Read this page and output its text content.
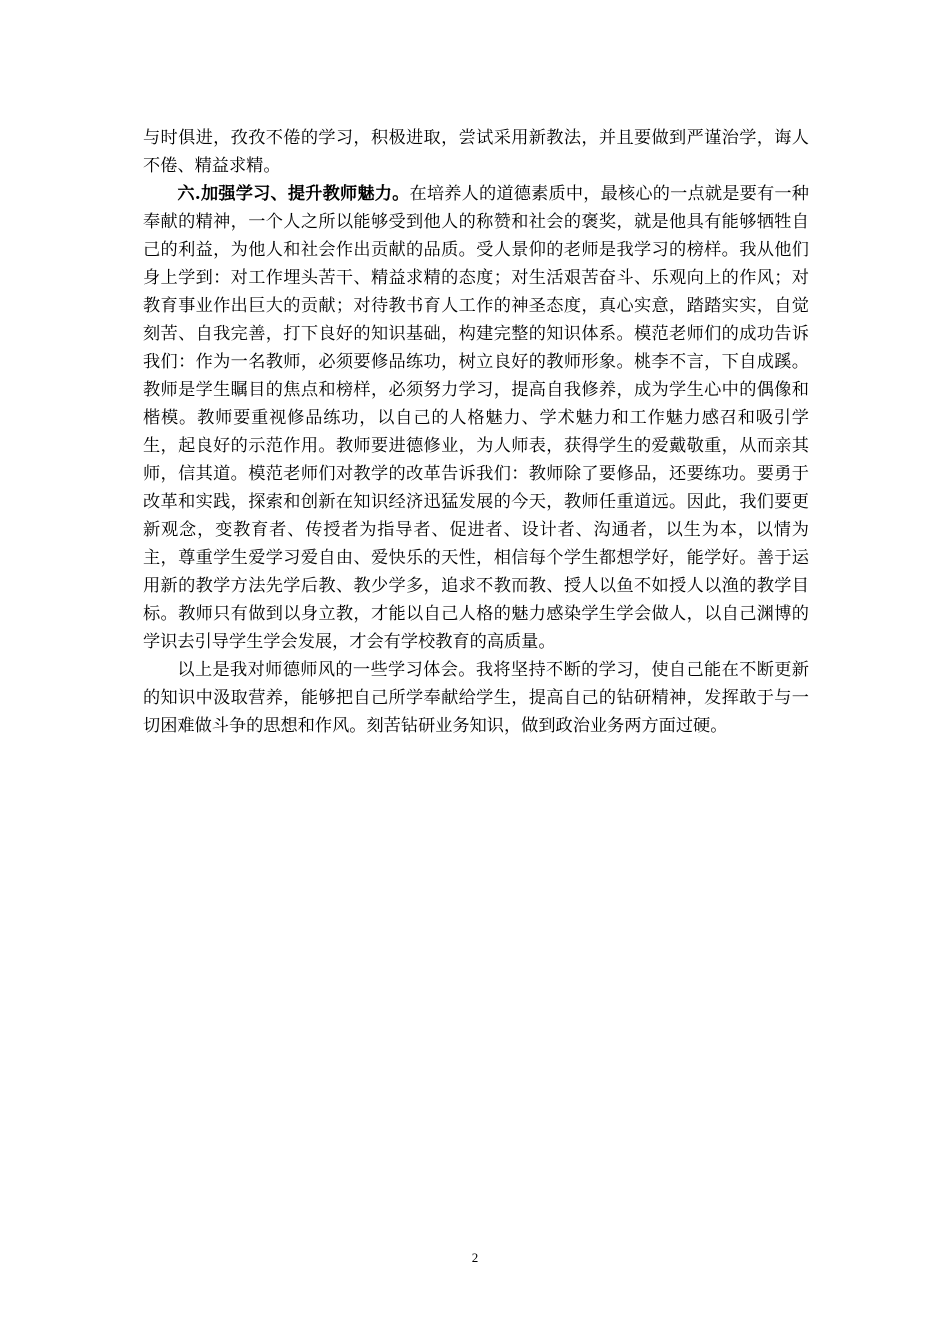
与时俱进，孜孜不倦的学习，积极进取，尝试采用新教法，并且要做到严谨治学，诲人不倦、精益求精。

六.加强学习、提升教师魅力。在培养人的道德素质中，最核心的一点就是要有一种奉献的精神，一个人之所以能够受到他人的称赞和社会的褒奖，就是他具有能够牺牲自己的利益，为他人和社会作出贡献的品质。受人景仰的老师是我学习的榜样。我从他们身上学到：对工作埋头苦干、精益求精的态度；对生活艰苦奋斗、乐观向上的作风；对教育事业作出巨大的贡献；对待教书育人工作的神圣态度，真心实意，踏踏实实，自觉刻苦、自我完善，打下良好的知识基础，构建完整的知识体系。模范老师们的成功告诉我们：作为一名教师，必须要修品练功，树立良好的教师形象。桃李不言，下自成蹊。教师是学生瞩目的焦点和榜样，必须努力学习，提高自我修养，成为学生心中的偶像和楷模。教师要重视修品练功，以自己的人格魅力、学术魅力和工作魅力感召和吸引学生，起良好的示范作用。教师要进德修业，为人师表，获得学生的爱戴敬重，从而亲其师，信其道。模范老师们对教学的改革告诉我们：教师除了要修品，还要练功。要勇于改革和实践，探索和创新在知识经济迅猛发展的今天，教师任重道远。因此，我们要更新观念，变教育者、传授者为指导者、促进者、设计者、沟通者，以生为本，以情为主，尊重学生爱学习爱自由、爱快乐的天性，相信每个学生都想学好，能学好。善于运用新的教学方法先学后教、教少学多，追求不教而教、授人以鱼不如授人以渔的教学目标。教师只有做到以身立教，才能以自己人格的魅力感染学生学会做人，以自己渊博的学识去引导学生学会发展，才会有学校教育的高质量。

以上是我对师德师风的一些学习体会。我将坚持不断的学习，使自己能在不断更新的知识中汲取营养，能够把自己所学奉献给学生，提高自己的钻研精神，发挥敢于与一切困难做斗争的思想和作风。刻苦钻研业务知识，做到政治业务两方面过硬。

2
